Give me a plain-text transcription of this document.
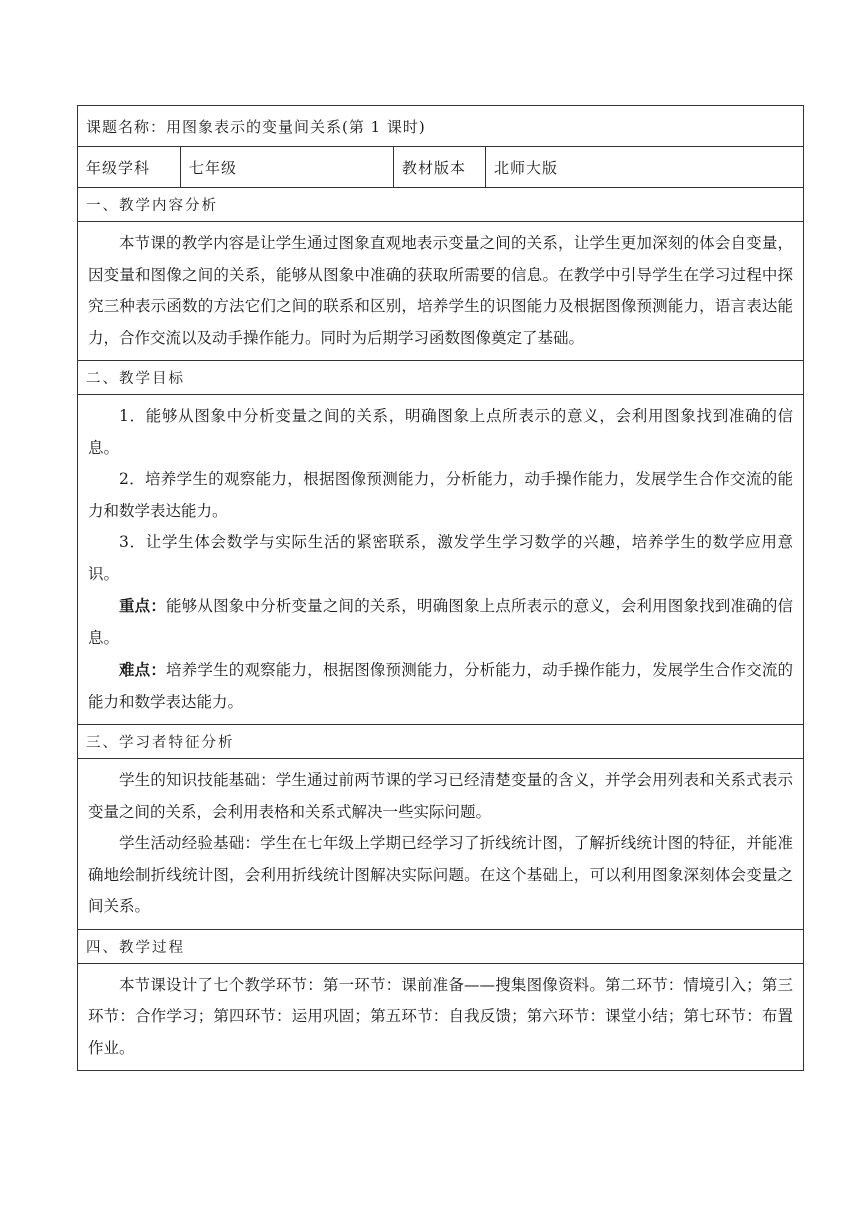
课题名称：用图象表示的变量间关系(第 1 课时)
年级学科	七年级	教材版本	北师大版
一、教学内容分析

本节课的教学内容是让学生通过图象直观地表示变量之间的关系，让学生更加深刻的体会自变量，因变量和图像之间的关系，能够从图象中准确的获取所需要的信息。在教学中引导学生在学习过程中探究三种表示函数的方法它们之间的联系和区别，培养学生的识图能力及根据图像预测能力，语言表达能力，合作交流以及动手操作能力。同时为后期学习函数图像奠定了基础。

二、教学目标

1．能够从图象中分析变量之间的关系，明确图象上点所表示的意义，会利用图象找到准确的信息。

2．培养学生的观察能力，根据图像预测能力，分析能力，动手操作能力，发展学生合作交流的能力和数学表达能力。

3．让学生体会数学与实际生活的紧密联系，激发学生学习数学的兴趣，培养学生的数学应用意识。

重点：能够从图象中分析变量之间的关系，明确图象上点所表示的意义，会利用图象找到准确的信息。

难点：培养学生的观察能力，根据图像预测能力，分析能力，动手操作能力，发展学生合作交流的能力和数学表达能力。

三、学习者特征分析

学生的知识技能基础：学生通过前两节课的学习已经清楚变量的含义，并学会用列表和关系式表示变量之间的关系，会利用表格和关系式解决一些实际问题。

学生活动经验基础：学生在七年级上学期已经学习了折线统计图，了解折线统计图的特征，并能准确地绘制折线统计图，会利用折线统计图解决实际问题。在这个基础上，可以利用图象深刻体会变量之间关系。

四、教学过程

本节课设计了七个教学环节：第一环节：课前准备——搜集图像资料。第二环节：情境引入；第三环节：合作学习；第四环节：运用巩固；第五环节：自我反馈；第六环节：课堂小结；第七环节：布置作业。
